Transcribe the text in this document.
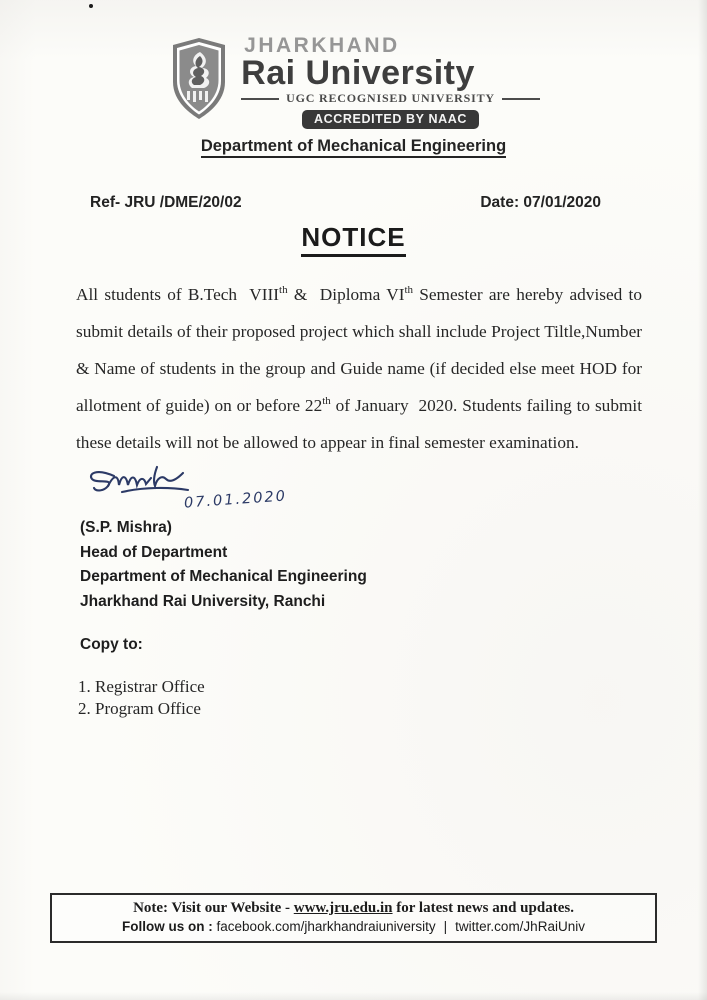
JHARKHAND
Rai University
UGC RECOGNISED UNIVERSITY
ACCREDITED BY NAAC
Department of Mechanical Engineering
Ref- JRU /DME/20/02	Date: 07/01/2020
NOTICE

All students of B.Tech  VIIIth &  Diploma VIth Semester are hereby advised to submit details of their proposed project which shall include Project Tiltle,Number & Name of students in the group and Guide name (if decided else meet HOD for allotment of guide) on or before 22th of January  2020. Students failing to submit  these details will not be allowed to appear in final semester examination.

07.01.2020
(S.P. Mishra)
Head of Department
Department of Mechanical Engineering
Jharkhand Rai University, Ranchi
Copy to:
1. Registrar Office
2. Program Office
Note: Visit our Website - www.jru.edu.in for latest news and updates.
Follow us on : facebook.com/jharkhandraiuniversity | twitter.com/JhRaiUniv
